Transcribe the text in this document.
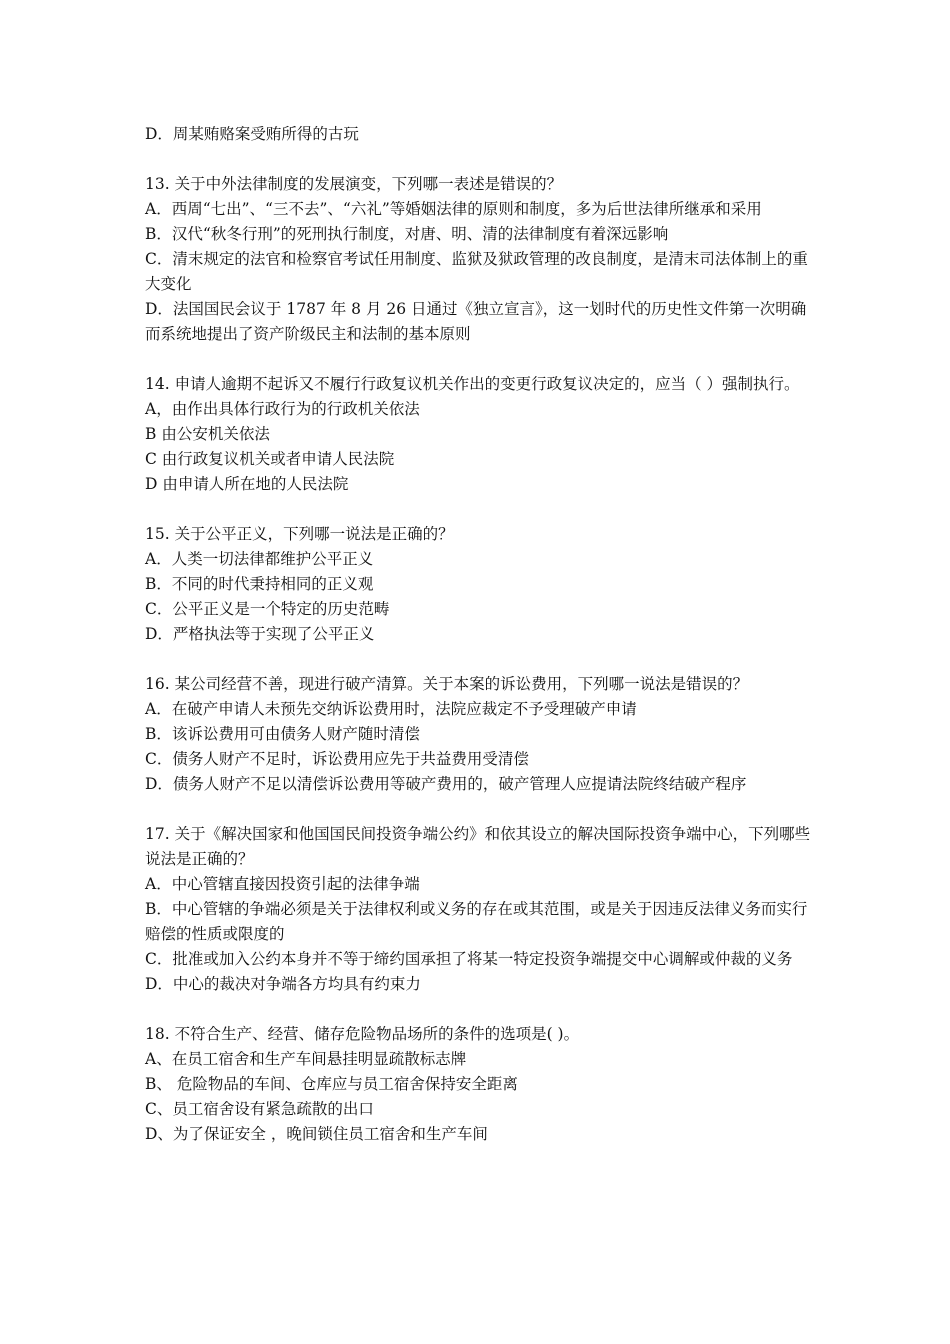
D．周某贿赂案受贿所得的古玩
13. 关于中外法律制度的发展演变，下列哪一表述是错误的？
A．西周“七出”、“三不去”、“六礼”等婚姻法律的原则和制度，多为后世法律所继承和采用
B．汉代“秋冬行刑”的死刑执行制度，对唐、明、清的法律制度有着深远影响
C．清末规定的法官和检察官考试任用制度、监狱及狱政管理的改良制度，是清末司法体制上的重大变化
D．法国国民会议于 1787 年 8 月 26 日通过《独立宣言》，这一划时代的历史性文件第一次明确而系统地提出了资产阶级民主和法制的基本原则
14. 申请人逾期不起诉又不履行行政复议机关作出的变更行政复议决定的，应当（ ）强制执行。
A，由作出具体行政行为的行政机关依法
B 由公安机关依法
C 由行政复议机关或者申请人民法院
D 由申请人所在地的人民法院
15. 关于公平正义，下列哪一说法是正确的？
A．人类一切法律都维护公平正义
B．不同的时代秉持相同的正义观
C．公平正义是一个特定的历史范畴
D．严格执法等于实现了公平正义
16. 某公司经营不善，现进行破产清算。关于本案的诉讼费用，下列哪一说法是错误的？
A．在破产申请人未预先交纳诉讼费用时，法院应裁定不予受理破产申请
B．该诉讼费用可由债务人财产随时清偿
C．债务人财产不足时，诉讼费用应先于共益费用受清偿
D．债务人财产不足以清偿诉讼费用等破产费用的，破产管理人应提请法院终结破产程序
17. 关于《解决国家和他国国民间投资争端公约》和依其设立的解决国际投资争端中心，下列哪些说法是正确的？
A．中心管辖直接因投资引起的法律争端
B．中心管辖的争端必须是关于法律权利或义务的存在或其范围，或是关于因违反法律义务而实行赔偿的性质或限度的
C．批准或加入公约本身并不等于缔约国承担了将某一特定投资争端提交中心调解或仲裁的义务
D．中心的裁决对争端各方均具有约束力
18. 不符合生产、经营、储存危险物品场所的条件的选项是( )。
A、在员工宿舍和生产车间悬挂明显疏散标志牌
B、 危险物品的车间、仓库应与员工宿舍保持安全距离
C、员工宿舍设有紧急疏散的出口
D、为了保证安全 ，晚间锁住员工宿舍和生产车间
